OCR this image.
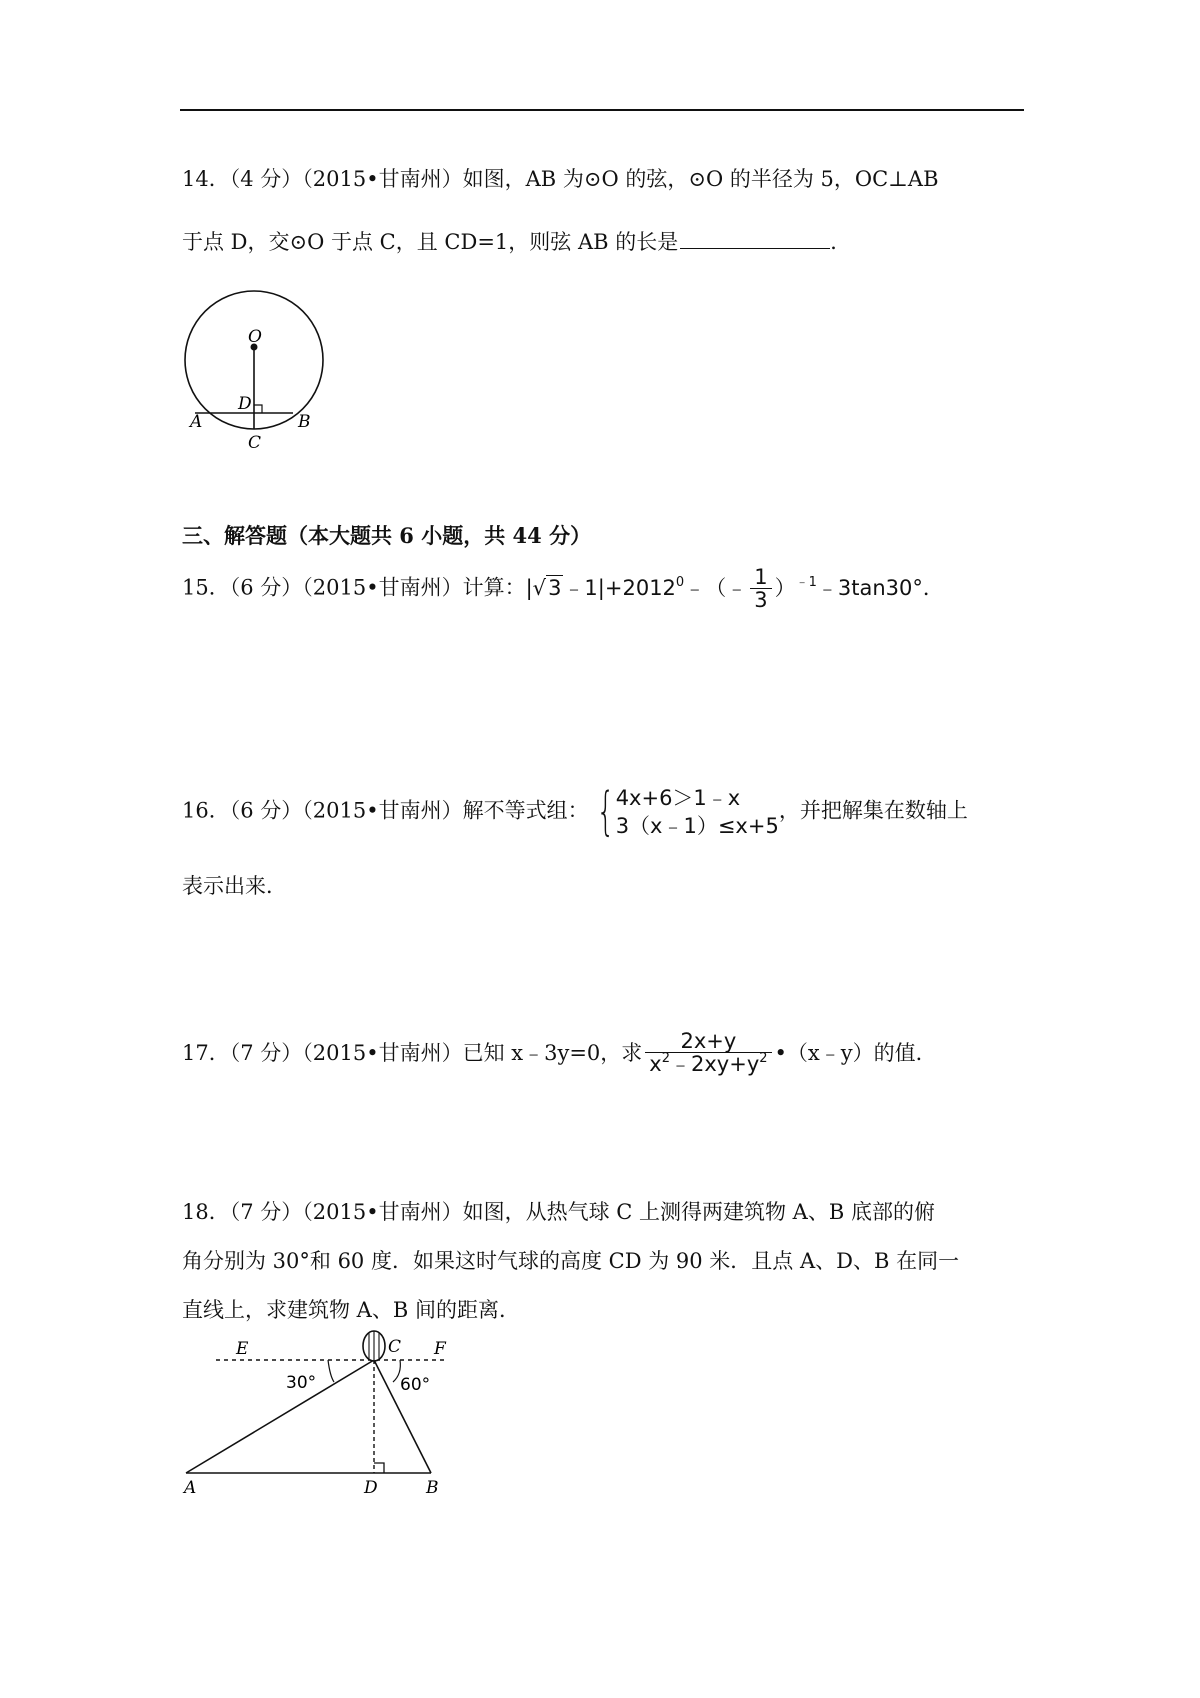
14．（4 分）（2015•甘南州）如图，AB 为⊙O 的弦，⊙O 的半径为 5，OC⊥AB
于点 D，交⊙O 于点 C，且 CD=1，则弦 AB 的长是	．
O
D
A	B
C
三、解答题（本大题共 6 小题，共 44 分）
15．（6 分）（2015•甘南州）计算：$|√3﹣1|+2012^0﹣(﹣ \frac{1}{3}$ ）$^{﹣1}$﹣3tan30°．
16．（6 分）（2015•甘南州）解不等式组： { 4x+6＞1﹣x
3（x﹣1）≤x+5
，并把解集在数轴上
表示出来．
17．（7 分）（2015•甘南州）已知 x﹣3y=0，求 $\frac{2x+y}{x^2﹣2xy+y^2}$ •（x﹣y）的值．
18．（7 分）（2015•甘南州）如图，从热气球 C 上测得两建筑物 A、B 底部的俯
角分别为 30°和 60 度．如果这时气球的高度 CD 为 90 米．且点 A、D、B 在同一
直线上，求建筑物 A、B 间的距离．
E	C F
30°	60°
A	D	B
